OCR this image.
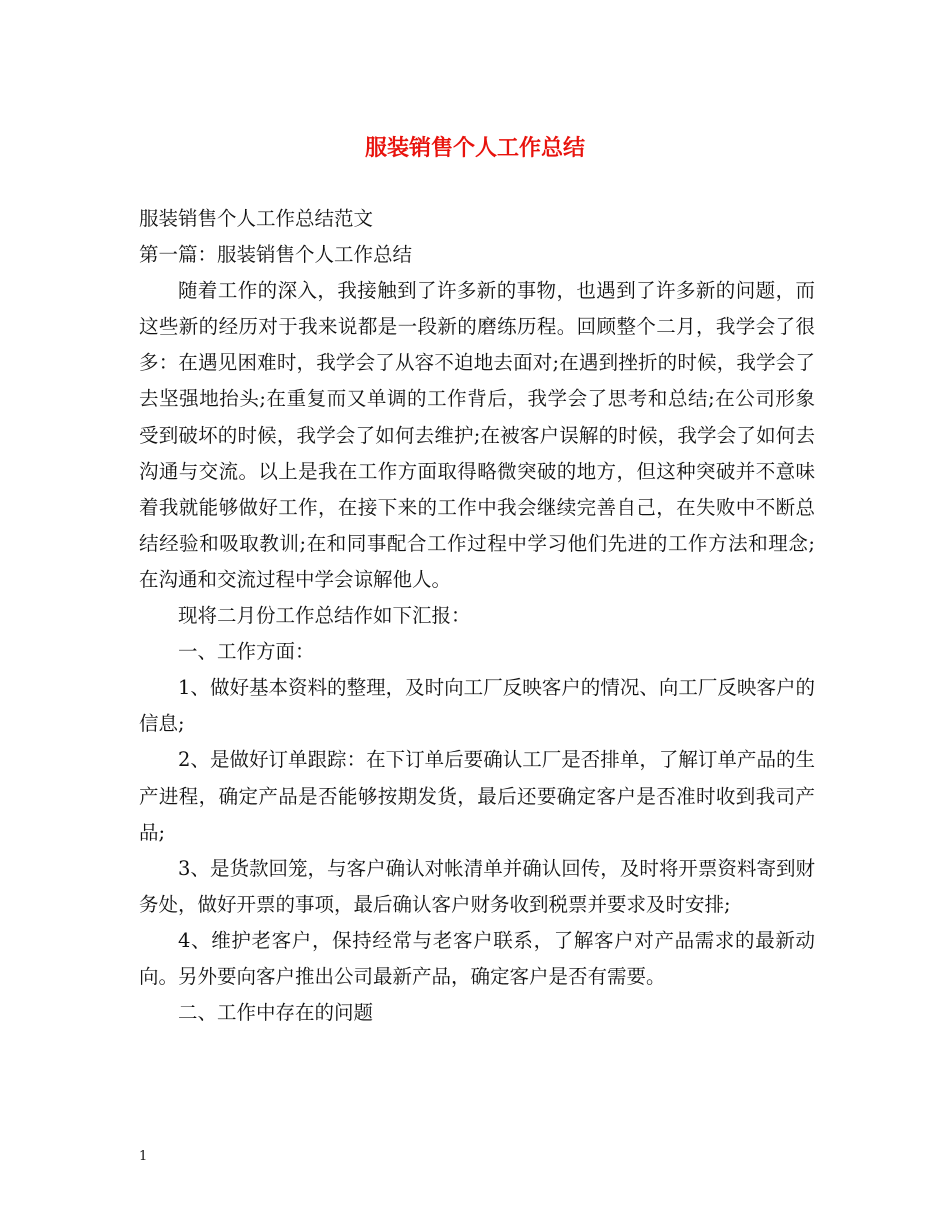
服装销售个人工作总结

服装销售个人工作总结范文

第一篇：服装销售个人工作总结

随着工作的深入，我接触到了许多新的事物，也遇到了许多新的问题，而这些新的经历对于我来说都是一段新的磨练历程。回顾整个二月，我学会了很多：在遇见困难时，我学会了从容不迫地去面对;在遇到挫折的时候，我学会了去坚强地抬头;在重复而又单调的工作背后，我学会了思考和总结;在公司形象受到破坏的时候，我学会了如何去维护;在被客户误解的时候，我学会了如何去沟通与交流。以上是我在工作方面取得略微突破的地方，但这种突破并不意味着我就能够做好工作，在接下来的工作中我会继续完善自己，在失败中不断总结经验和吸取教训;在和同事配合工作过程中学习他们先进的工作方法和理念;在沟通和交流过程中学会谅解他人。

现将二月份工作总结作如下汇报：

一、工作方面：

1、做好基本资料的整理，及时向工厂反映客户的情况、向工厂反映客户的信息;

2、是做好订单跟踪：在下订单后要确认工厂是否排单，了解订单产品的生产进程，确定产品是否能够按期发货，最后还要确定客户是否准时收到我司产品;

3、是货款回笼，与客户确认对帐清单并确认回传，及时将开票资料寄到财务处，做好开票的事项，最后确认客户财务收到税票并要求及时安排;

4、维护老客户，保持经常与老客户联系，了解客户对产品需求的最新动向。另外要向客户推出公司最新产品，确定客户是否有需要。

二、工作中存在的问题

1
